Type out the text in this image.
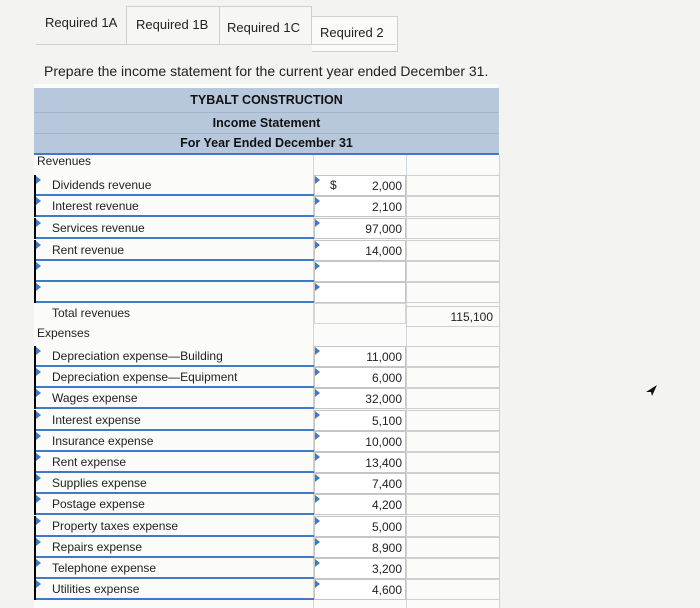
Required 1A Required 1B Required 1C Required 2
Prepare the income statement for the current year ended December 31.
TYBALT CONSTRUCTION
Income Statement
For Year Ended December 31
Revenues
Dividends revenue	2,000
$
Interest revenue	2,100
Services revenue	97,000
Rent revenue	14,000
Total revenues	115,100
Expenses
Depreciation expense—Building	11,000
Depreciation expense—Equipment	6,000
Wages expense	32,000
Interest expense	5,100
Insurance expense	10,000
Rent expense	13,400
Supplies expense	7,400
Postage expense	4,200
Property taxes expense	5,000
Repairs expense	8,900
Telephone expense	3,200
Utilities expense	4,600
